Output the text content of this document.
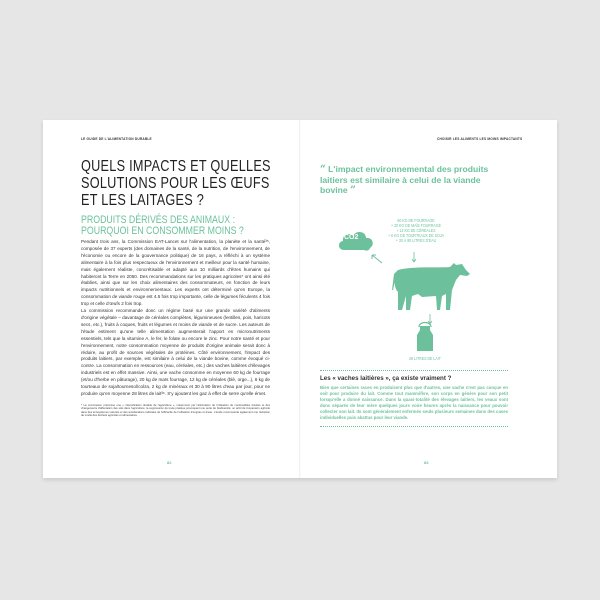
LE GUIDE DE L'ALIMENTATION DURABLE
QUELS IMPACTS ET QUELLES SOLUTIONS POUR LES ŒUFS ET LES LAITAGES ?
PRODUITS DÉRIVÉS DES ANIMAUX : POURQUOI EN CONSOMMER MOINS ?

Pendant trois ans, la Commission EAT-Lancet sur l'alimentation, la planète et la santé³⁵, composée de 37 experts (des domaines de la santé, de la nutrition, de l'environnement, de l'économie ou encore de la gouvernance politique) de 16 pays, a réfléchi à un système alimentaire à la fois plus respectueux de l'environnement et meilleur pour la santé humaine, mais également réaliste, concrétisable et adapté aux 10 milliards d'êtres humains qui habiteront la Terre en 2050. Des recommandations sur les pratiques agricoles* ont ainsi été établies, ainsi que sur les choix alimentaires des consommateurs, en fonction de leurs impacts nutritionnels et environnementaux. Les experts ont déterminé qu'en Europe, la consommation de viande rouge est 4.5 fois trop importante, celle de légumes féculents 4 fois trop et celle d'œufs 2 fois trop.

La commission recommande donc un régime basé sur une grande variété d'aliments d'origine végétale – davantage de céréales complètes, légumineuses (lentilles, pois, haricots secs, etc.), fruits à coques, fruits et légumes et moins de viande et de sucre. Les auteurs de l'étude estiment qu'une telle alimentation augmenterait l'apport en micronutriments essentiels, tels que la vitamine A, le fer, le folate ou encore le zinc. Pour notre santé et pour l'environnement, notre consommation moyenne de produits d'origine animale serait donc à réduire, au profit de sources végétales de protéines. Côté environnement, l'impact des produits laitiers, par exemple, est similaire à celui de la viande bovine, comme évoqué ci-contre. La consommation en ressources (eau, céréales, etc.) des vaches laitières d'élevages industriels est en effet massive. Ainsi, une vache consomme en moyenne 60 kg de fourrage (et/ou d'herbe en pâturage), 20 kg de maïs fourrage, 12 kg de céréales (blé, orge...), 6 kg de tourteaux de soja/tournesol/colza, 2 kg de minéraux et 30 à 90 litres d'eau par jour, pour ne produire qu'en moyenne 28 litres de lait³⁶. S'y ajoutent les gaz à effet de serre qu'elle émet.

* La commission préconise une « intensification durable de l'agriculture », notamment par l'élimination de l'utilisation de combustibles fossiles et des changements d'affectation des sols dans l'agriculture, la suppression de toute pratique provoquant une perte de biodiversité, un arrêt de l'expansion agricole dans des écosystèmes naturels et des améliorations radicales de l'efficacité de l'utilisation d'engrais et d'eau. L'étude recommande également une réduction de moitié des déchets agricoles et alimentaires.
82
CHOISIR LES ALIMENTS LES MOINS IMPACTANTS
“ L'impact environnemental des produits laitiers est similaire à celui de la viande bovine ”
CO2
60 KG DE FOURRAGE
+ 20 KG DE MAÏS FOURRAGÉ
+ 12 KG DE CÉRÉALES
+ 6 KG DE TOURTEAUX DE SOJA
+ 30 À 90 LITRES D'EAU
28 LITRES DE LAIT
Les « vaches laitières », ça existe vraiment ?
Bien que certaines races en produisent plus que d'autres, une vache n'est pas conçue en soit pour produire du lait. Comme tout mammifère, son corps en génère pour son petit lorsqu'elle a donné naissance. Dans la quasi-totalité des élevages laitiers, les veaux sont donc séparés de leur mère quelques jours voire heures après la naissance pour pouvoir collecter son lait. Ils sont généralement enfermés seuls plusieurs semaines dans des cases individuelles puis abattus pour leur viande.
83
